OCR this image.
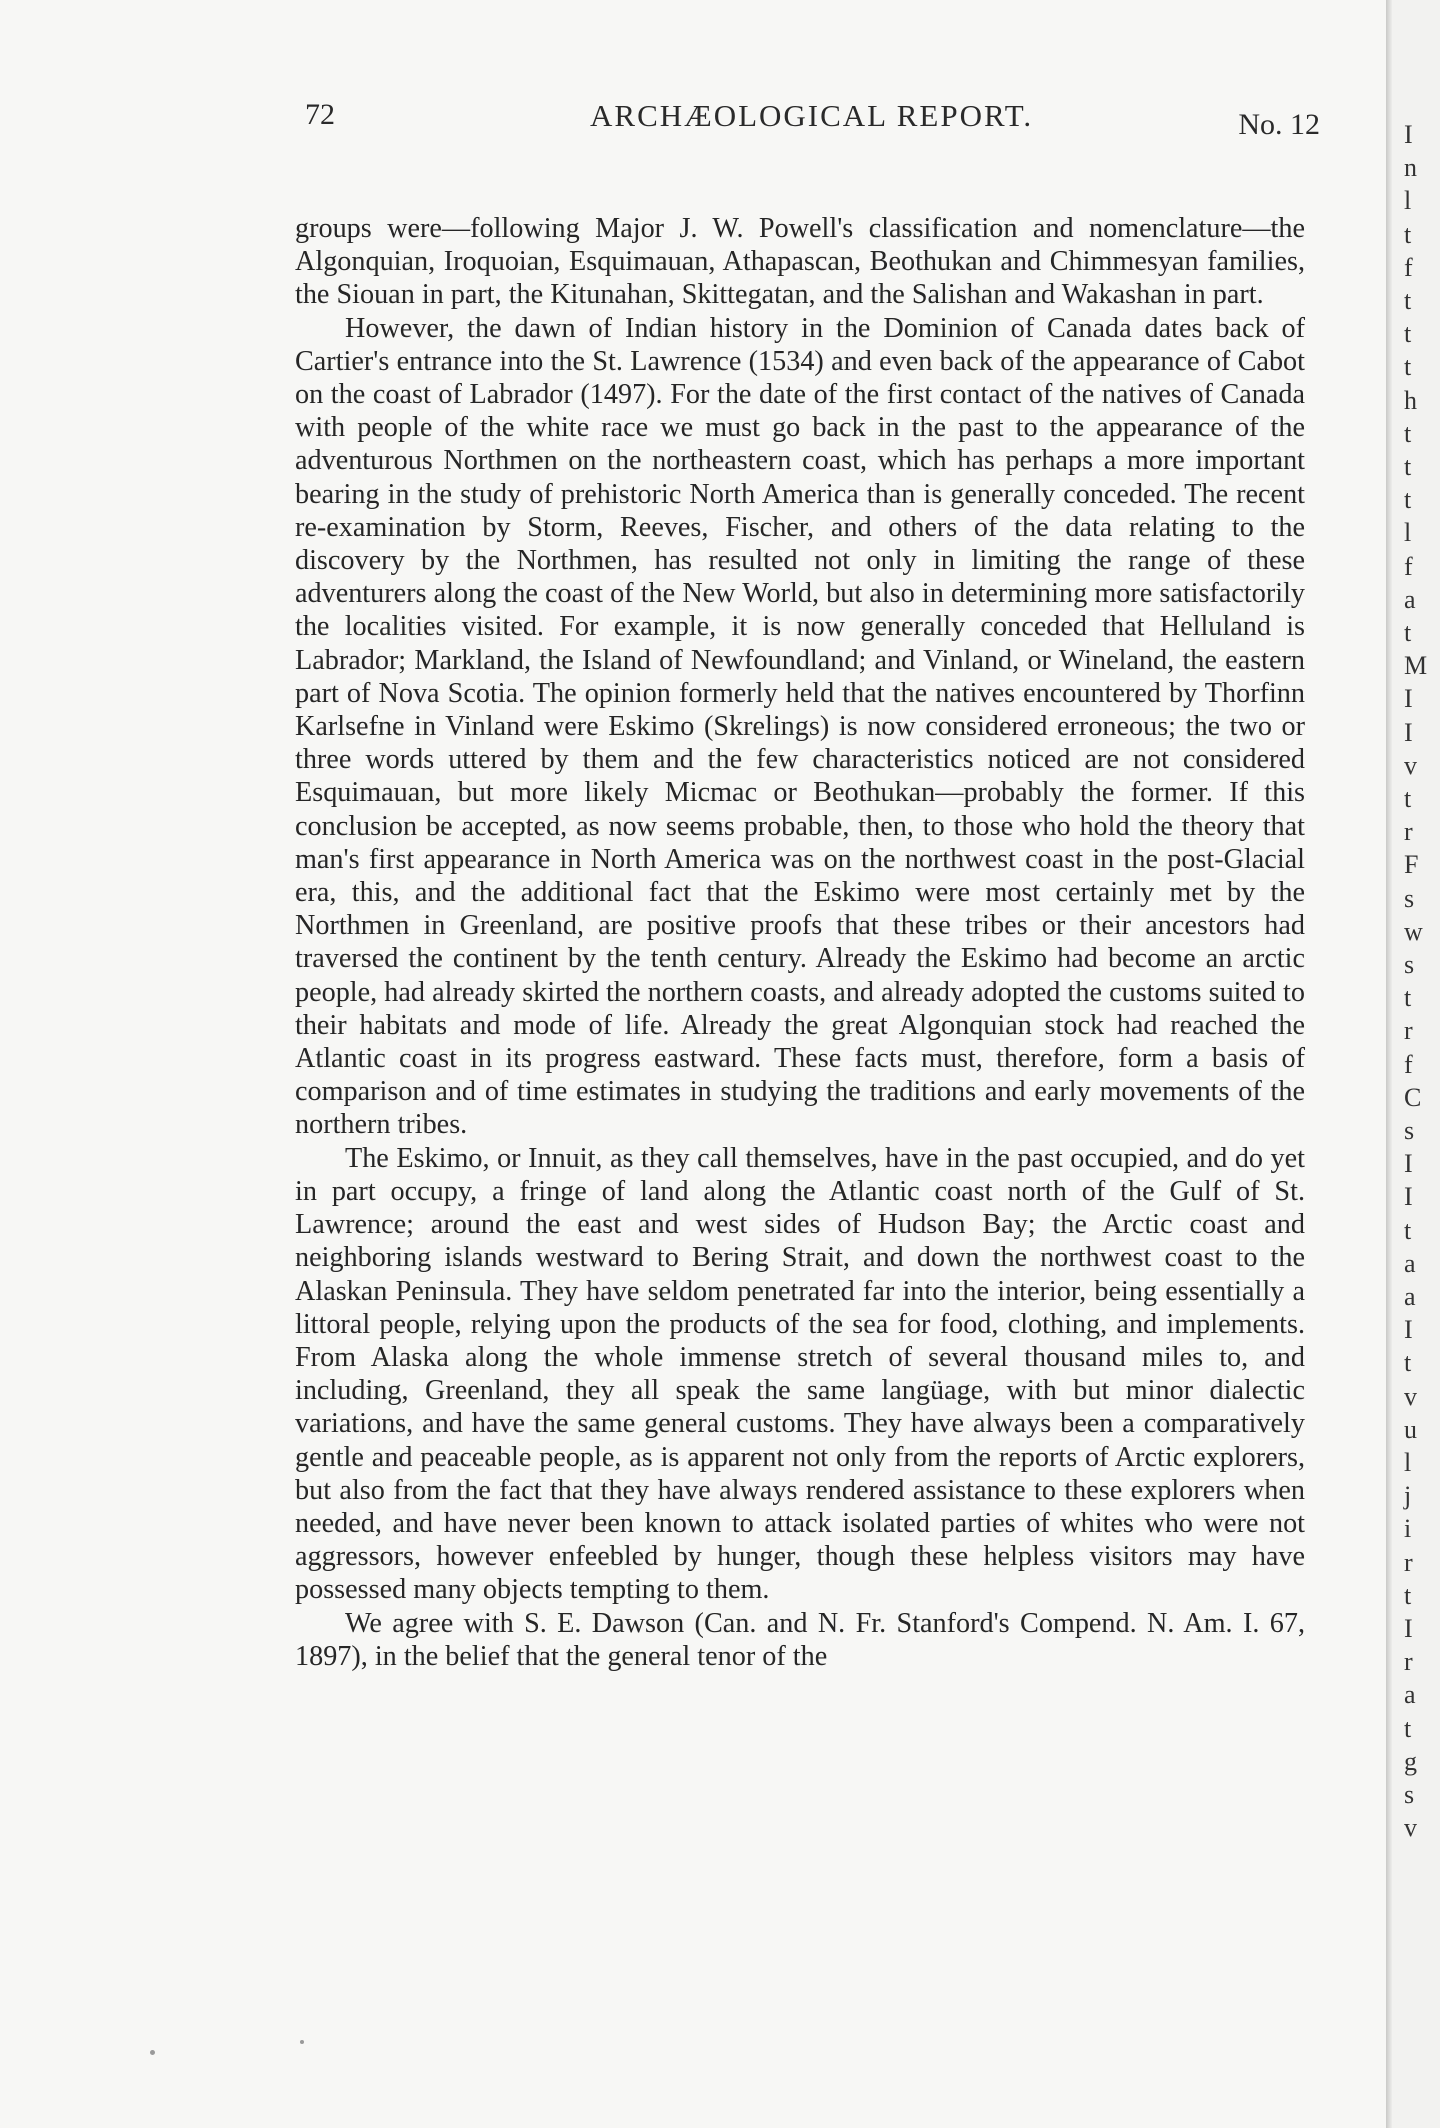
72	ARCHÆOLOGICAL REPORT.	No. 12

groups were—following Major J. W. Powell's classification and nomenclature—the Algonquian, Iroquoian, Esquimauan, Athapascan, Beothukan and Chimmesyan families, the Siouan in part, the Kitunahan, Skittegatan, and the Salishan and Wakashan in part.

However, the dawn of Indian history in the Dominion of Canada dates back of Cartier's entrance into the St. Lawrence (1534) and even back of the appearance of Cabot on the coast of Labrador (1497). For the date of the first contact of the natives of Canada with people of the white race we must go back in the past to the appearance of the adventurous Northmen on the northeastern coast, which has perhaps a more important bearing in the study of prehistoric North America than is generally conceded. The recent re-examination by Storm, Reeves, Fischer, and others of the data relating to the discovery by the Northmen, has resulted not only in limiting the range of these adventurers along the coast of the New World, but also in determining more satisfactorily the localities visited. For example, it is now generally conceded that Helluland is Labrador; Markland, the Island of Newfoundland; and Vinland, or Wineland, the eastern part of Nova Scotia. The opinion formerly held that the natives encountered by Thorfinn Karlsefne in Vinland were Eskimo (Skrelings) is now considered erroneous; the two or three words uttered by them and the few characteristics noticed are not considered Esquimauan, but more likely Micmac or Beothukan—probably the former. If this conclusion be accepted, as now seems probable, then, to those who hold the theory that man's first appearance in North America was on the northwest coast in the post-Glacial era, this, and the additional fact that the Eskimo were most certainly met by the Northmen in Greenland, are positive proofs that these tribes or their ancestors had traversed the continent by the tenth century. Already the Eskimo had become an arctic people, had already skirted the northern coasts, and already adopted the customs suited to their habitats and mode of life. Already the great Algonquian stock had reached the Atlantic coast in its progress eastward. These facts must, therefore, form a basis of comparison and of time estimates in studying the traditions and early movements of the northern tribes.

The Eskimo, or Innuit, as they call themselves, have in the past occupied, and do yet in part occupy, a fringe of land along the Atlantic coast north of the Gulf of St. Lawrence; around the east and west sides of Hudson Bay; the Arctic coast and neighboring islands westward to Bering Strait, and down the northwest coast to the Alaskan Peninsula. They have seldom penetrated far into the interior, being essentially a littoral people, relying upon the products of the sea for food, clothing, and implements. From Alaska along the whole immense stretch of several thousand miles to, and including, Greenland, they all speak the same langüage, with but minor dialectic variations, and have the same general customs. They have always been a comparatively gentle and peaceable people, as is apparent not only from the reports of Arctic explorers, but also from the fact that they have always rendered assistance to these explorers when needed, and have never been known to attack isolated parties of whites who were not aggressors, however enfeebled by hunger, though these helpless visitors may have possessed many objects tempting to them.

We agree with S. E. Dawson (Can. and N. Fr. Stanford's Compend. N. Am. I. 67, 1897), in the belief that the general tenor of the

I
n
l
t
f
t
t
t
h
t
t
t
l
f
a
t
M
I
I
v
t
r
F
s
w
s
t
r
f
C
s
I
I
t
a
a
I
t
v
u
l
j
i
r
t
I
r
a
t
g
s
v
